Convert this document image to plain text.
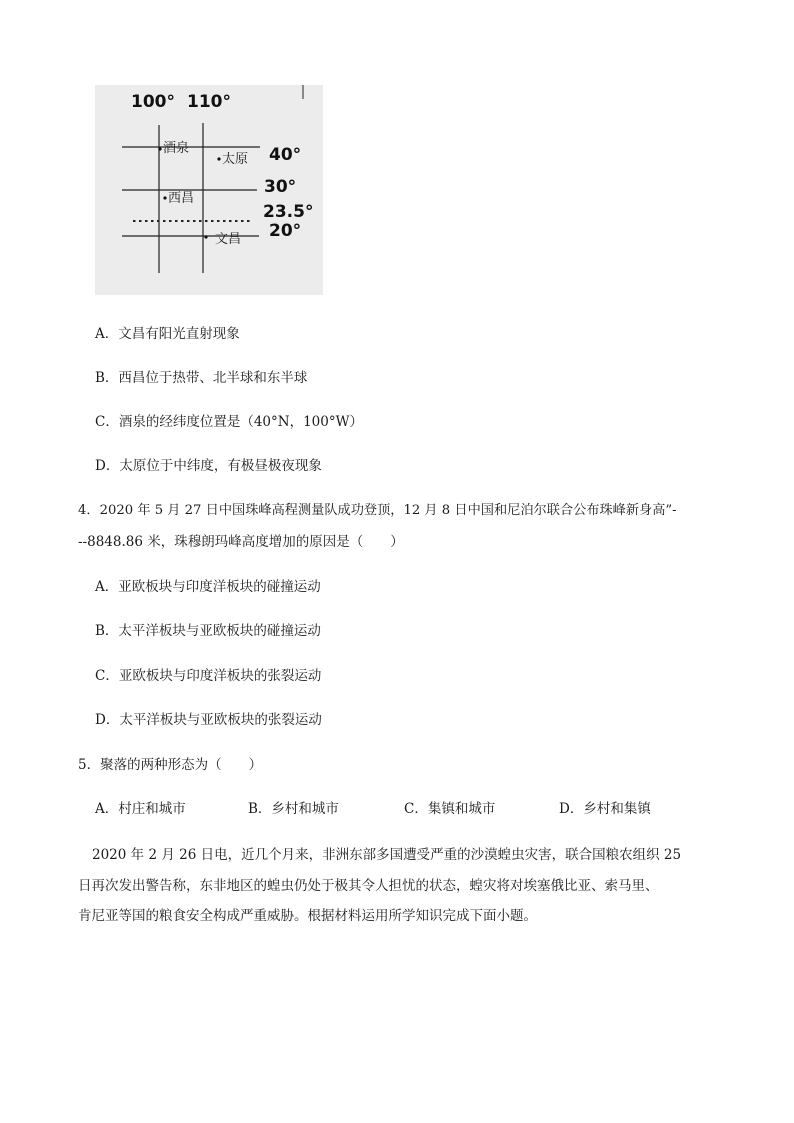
100° 110°
40°
30°
23.5°
20°
酒泉
太原
西昌
文昌
A．文昌有阳光直射现象
B．西昌位于热带、北半球和东半球
C．酒泉的经纬度位置是（40°N，100°W）
D．太原位于中纬度，有极昼极夜现象
4．2020 年 5 月 27 日中国珠峰高程测量队成功登顶，12 月 8 日中国和尼泊尔联合公布珠峰新身高”-
--8848.86 米，珠穆朗玛峰高度增加的原因是（　　）
A．亚欧板块与印度洋板块的碰撞运动
B．太平洋板块与亚欧板块的碰撞运动
C．亚欧板块与印度洋板块的张裂运动
D．太平洋板块与亚欧板块的张裂运动
5．聚落的两种形态为（　　）
A．村庄和城市	B．乡村和城市	C．集镇和城市	D．乡村和集镇
2020 年 2 月 26 日电，近几个月来，非洲东部多国遭受严重的沙漠蝗虫灾害，联合国粮农组织 25
日再次发出警告称，东非地区的蝗虫仍处于极其令人担忧的状态，蝗灾将对埃塞俄比亚、索马里、
肯尼亚等国的粮食安全构成严重威胁。根据材料运用所学知识完成下面小题。
